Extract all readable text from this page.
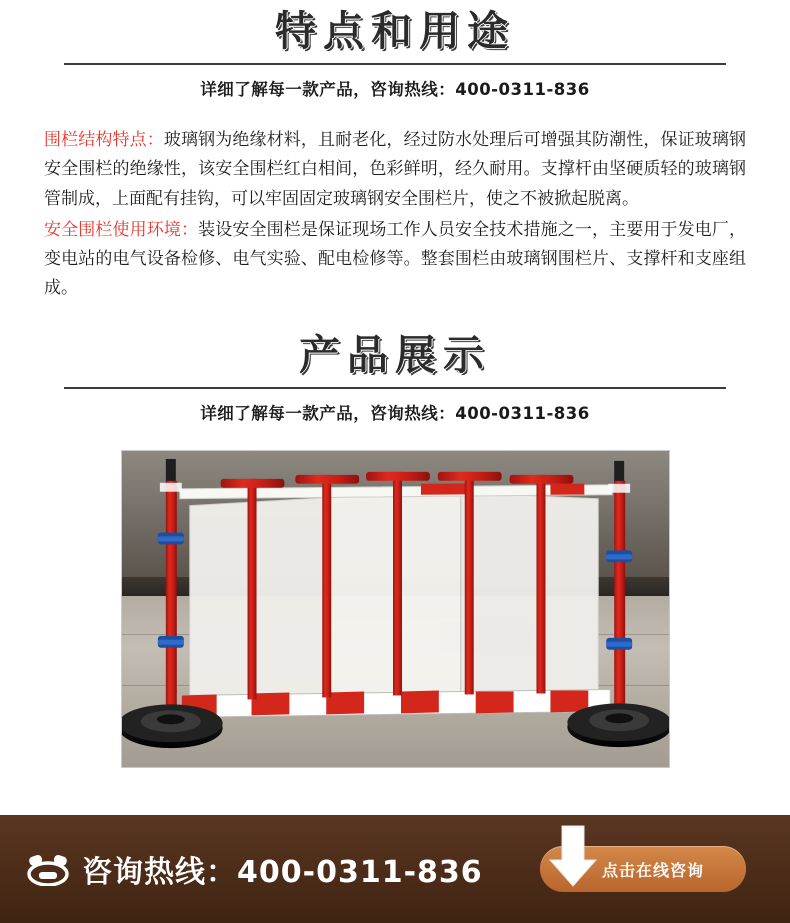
特点和用途
详细了解每一款产品，咨询热线：400-0311-836

围栏结构特点：玻璃钢为绝缘材料，且耐老化，经过防水处理后可增强其防潮性，保证玻璃钢安全围栏的绝缘性，该安全围栏红白相间，色彩鲜明，经久耐用。支撑杆由坚硬质轻的玻璃钢管制成，上面配有挂钩，可以牢固固定玻璃钢安全围栏片，使之不被掀起脱离。

安全围栏使用环境：装设安全围栏是保证现场工作人员安全技术措施之一，主要用于发电厂，变电站的电气设备检修、电气实验、配电检修等。整套围栏由玻璃钢围栏片、支撑杆和支座组成。

产品展示
详细了解每一款产品，咨询热线：400-0311-836
咨询热线：400-0311-836	点击在线咨询
